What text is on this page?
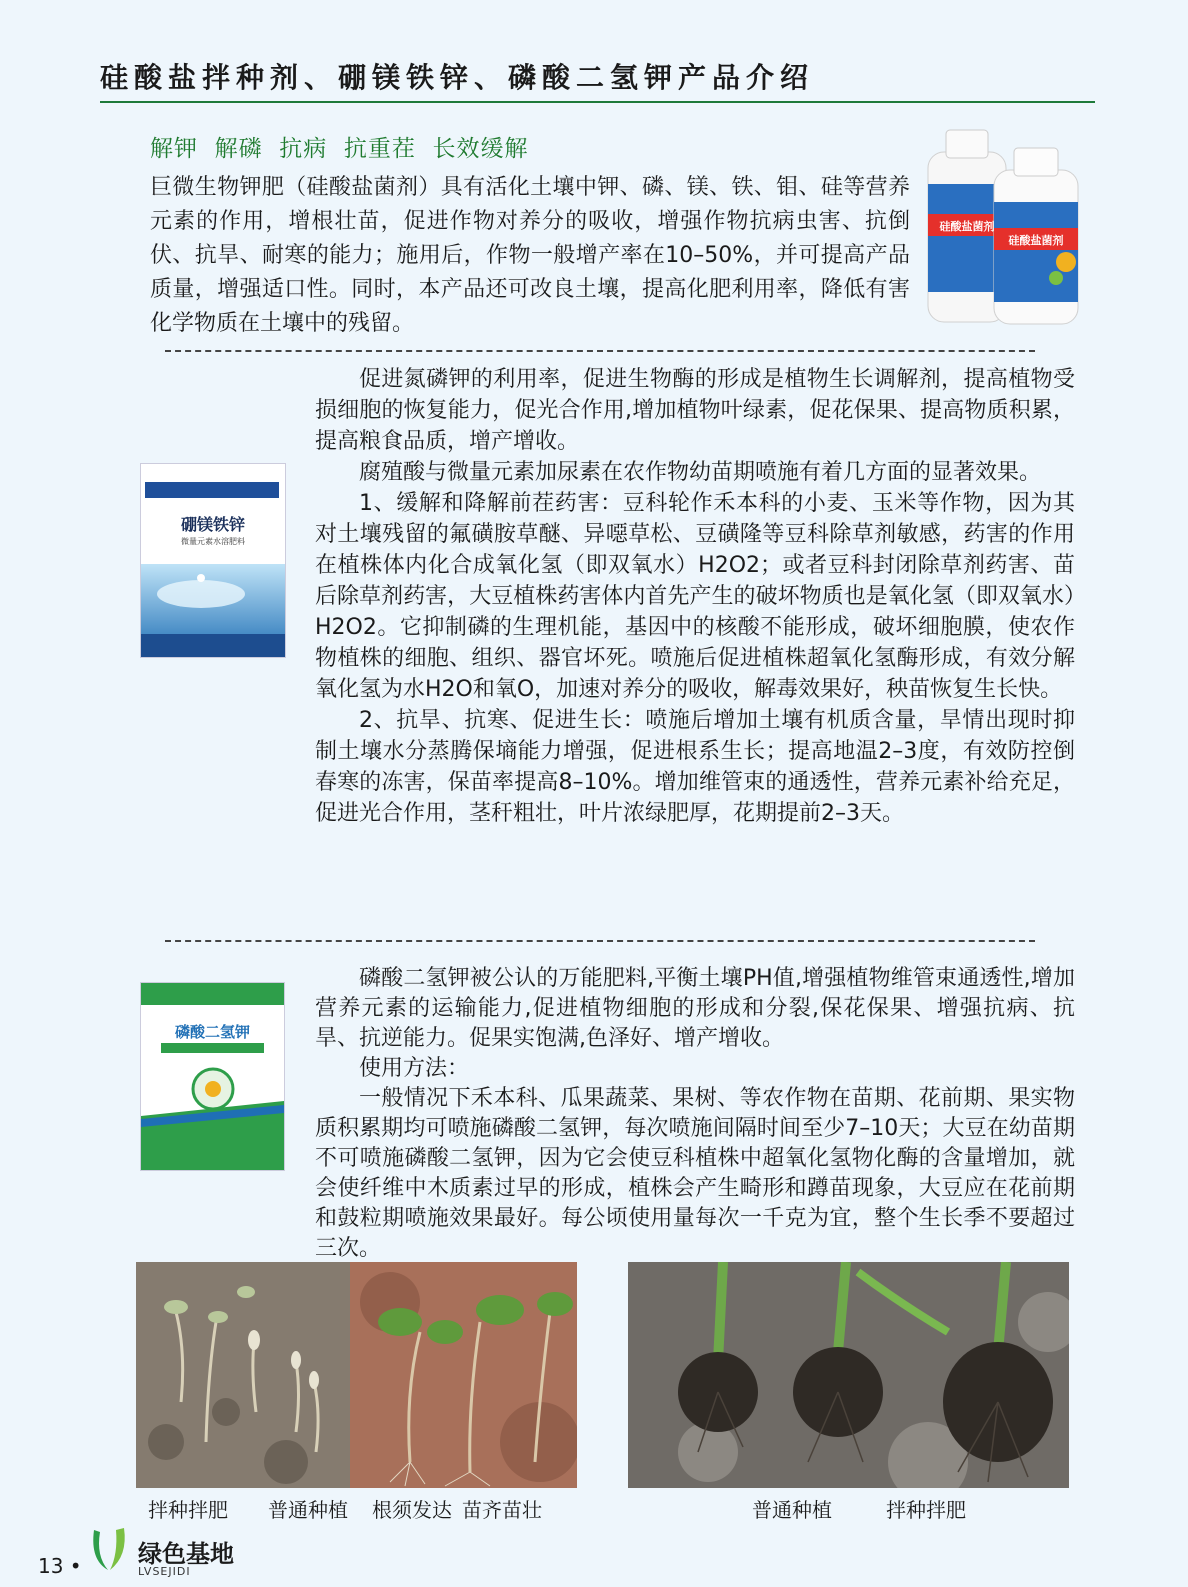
硅酸盐拌种剂、硼镁铁锌、磷酸二氢钾产品介绍
解钾  解磷  抗病  抗重茬  长效缓解

巨微生物钾肥（硅酸盐菌剂）具有活化土壤中钾、磷、镁、铁、钼、硅等营养元素的作用，增根壮苗，促进作物对养分的吸收，增强作物抗病虫害、抗倒伏、抗旱、耐寒的能力；施用后，作物一般增产率在10–50%，并可提高产品质量，增强适口性。同时，本产品还可改良土壤，提高化肥利用率，降低有害化学物质在土壤中的残留。

硅酸盐菌剂
硅酸盐菌剂
硼镁铁锌
微量元素水溶肥料

促进氮磷钾的利用率，促进生物酶的形成是植物生长调解剂，提高植物受损细胞的恢复能力，促光合作用,增加植物叶绿素，促花保果、提高物质积累，提高粮食品质，增产增收。

腐殖酸与微量元素加尿素在农作物幼苗期喷施有着几方面的显著效果。

1、缓解和降解前茬药害：豆科轮作禾本科的小麦、玉米等作物，因为其对土壤残留的氟磺胺草醚、异噁草松、豆磺隆等豆科除草剂敏感，药害的作用在植株体内化合成氧化氢（即双氧水）H2O2；或者豆科封闭除草剂药害、苗后除草剂药害，大豆植株药害体内首先产生的破坏物质也是氧化氢（即双氧水）H2O2。它抑制磷的生理机能，基因中的核酸不能形成，破坏细胞膜，使农作物植株的细胞、组织、器官坏死。喷施后促进植株超氧化氢酶形成，有效分解氧化氢为水H2O和氧O，加速对养分的吸收，解毒效果好，秧苗恢复生长快。

2、抗旱、抗寒、促进生长：喷施后增加土壤有机质含量，旱情出现时抑制土壤水分蒸腾保墒能力增强，促进根系生长；提高地温2–3度，有效防控倒春寒的冻害，保苗率提高8–10%。增加维管束的通透性，营养元素补给充足，促进光合作用，茎秆粗壮，叶片浓绿肥厚，花期提前2–3天。

磷酸二氢钾

磷酸二氢钾被公认的万能肥料,平衡土壤PH值,增强植物维管束通透性,增加营养元素的运输能力,促进植物细胞的形成和分裂,保花保果、增强抗病、抗旱、抗逆能力。促果实饱满,色泽好、增产增收。

使用方法：

一般情况下禾本科、瓜果蔬菜、果树、等农作物在苗期、花前期、果实物质积累期均可喷施磷酸二氢钾，每次喷施间隔时间至少7–10天；大豆在幼苗期不可喷施磷酸二氢钾，因为它会使豆科植株中超氧化氢物化酶的含量增加，就会使纤维中木质素过早的形成，植株会产生畸形和蹲苗现象，大豆应在花前期和鼓粒期喷施效果最好。每公顷使用量每次一千克为宜，整个生长季不要超过三次。

拌种拌肥 普通种植 根须发达 苗齐苗壮	普通种植	拌种拌肥
13 • 绿色基地
LVSEJIDI
